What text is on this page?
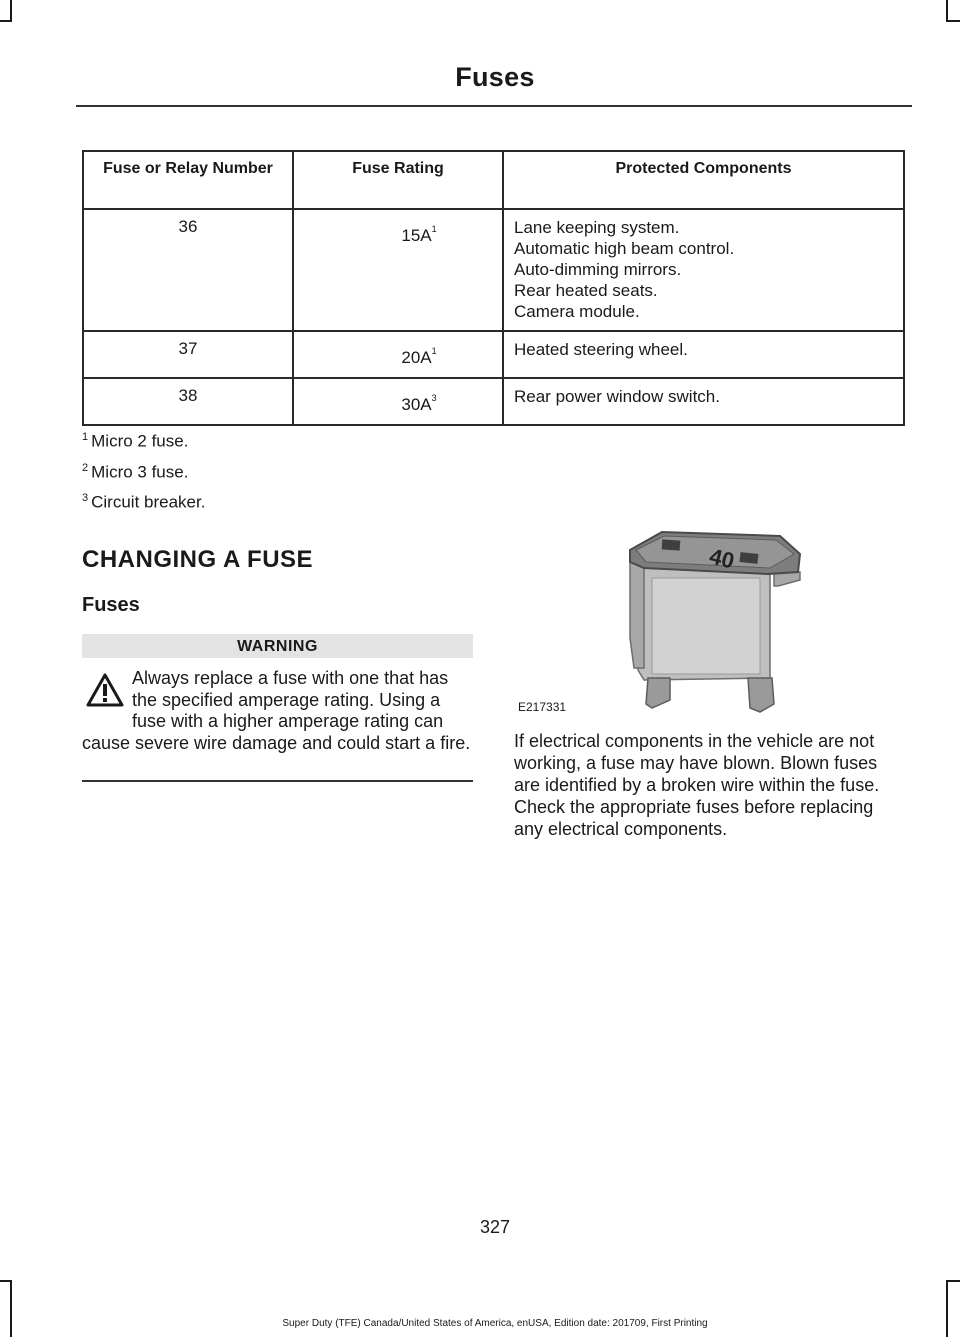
Fuses
Fuse or Relay Number	Fuse Rating	Protected Components
36	$15A^1$	Lane keeping system.
Automatic high beam control.
Auto-dimming mirrors.
Rear heated seats.
Camera module.

37	$20A^1$	Heated steering wheel.

38	$30A^3$	Rear power window switch.
$^1$ Micro 2 fuse.
$^2$ Micro 3 fuse.
$^3$ Circuit breaker.
CHANGING A FUSE
Fuses
WARNING
Always replace a fuse with one that has the specified amperage rating. Using a fuse with a higher amperage rating can cause severe wire damage and could start a fire.
40
E217331
If electrical components in the vehicle are not working, a fuse may have blown. Blown fuses are identified by a broken wire within the fuse. Check the appropriate fuses before replacing any electrical components.
327
Super Duty (TFE) Canada/United States of America, enUSA, Edition date: 201709, First Printing
